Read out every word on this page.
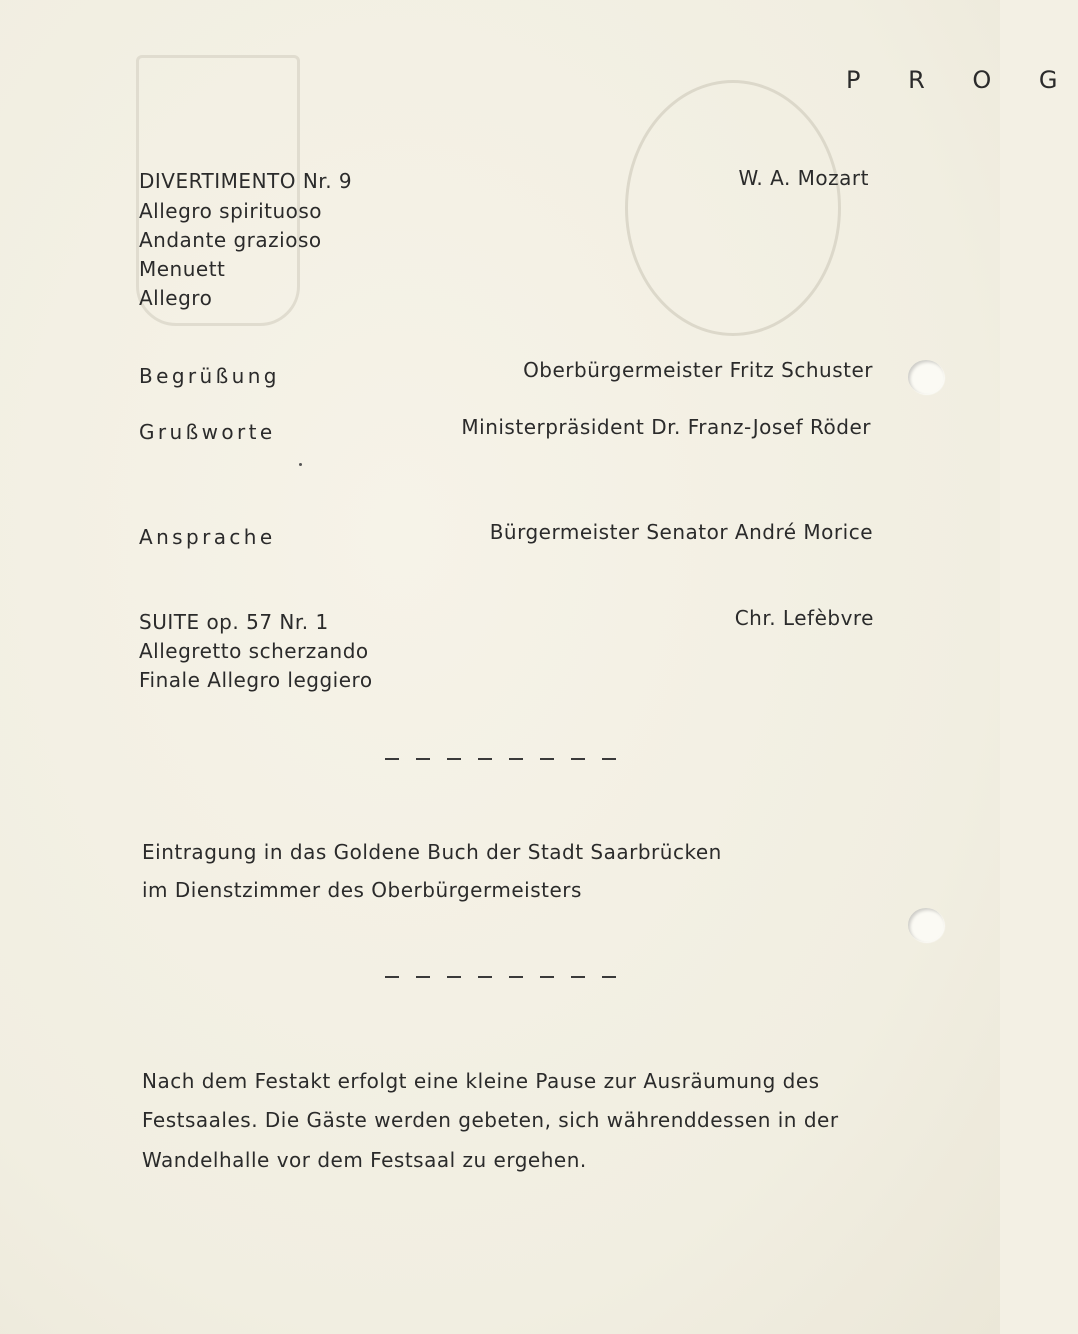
P R O G
DIVERTIMENTO Nr. 9	W. A. Mozart
Allegro spirituoso
Andante grazioso
Menuett
Allegro
Begrüßung	Oberbürgermeister Fritz Schuster
Grußworte	Ministerpräsident Dr. Franz-Josef Röder
Ansprache	Bürgermeister Senator André Morice
SUITE op. 57 Nr. 1	Chr. Lefèbvre
Allegretto scherzando
Finale Allegro leggiero
Eintragung in das Goldene Buch der Stadt Saarbrücken
im Dienstzimmer des Oberbürgermeisters
Nach dem Festakt erfolgt eine kleine Pause zur Ausräumung des
Festsaales. Die Gäste werden gebeten, sich währenddessen in der
Wandelhalle vor dem Festsaal zu ergehen.
